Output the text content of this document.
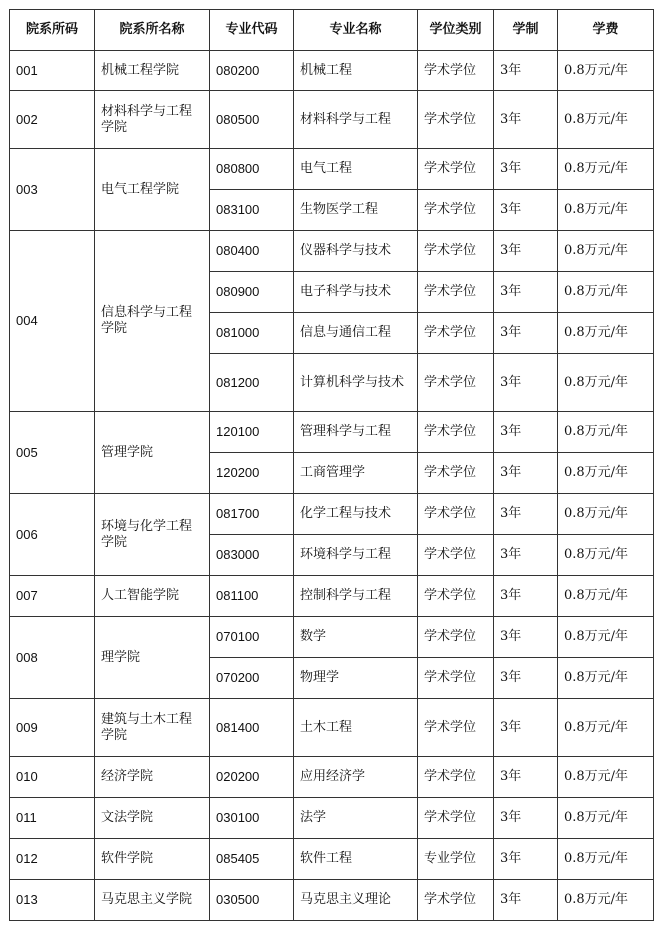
院系所码	院系所名称	专业代码	专业名称	学位类别	学制	学费
001	机械工程学院	080200	机械工程	学术学位	3年	0.8万元/年
002	材料科学与工程学院	080500	材料科学与工程	学术学位	3年	0.8万元/年
003	电气工程学院	080800	电气工程	学术学位	3年	0.8万元/年
		083100	生物医学工程	学术学位	3年	0.8万元/年
004	信息科学与工程学院	080400	仪器科学与技术	学术学位	3年	0.8万元/年
		080900	电子科学与技术	学术学位	3年	0.8万元/年
		081000	信息与通信工程	学术学位	3年	0.8万元/年
		081200	计算机科学与技术	学术学位	3年	0.8万元/年
005	管理学院	120100	管理科学与工程	学术学位	3年	0.8万元/年
		120200	工商管理学	学术学位	3年	0.8万元/年
006	环境与化学工程学院	081700	化学工程与技术	学术学位	3年	0.8万元/年
		083000	环境科学与工程	学术学位	3年	0.8万元/年
007	人工智能学院	081100	控制科学与工程	学术学位	3年	0.8万元/年
008	理学院	070100	数学	学术学位	3年	0.8万元/年
		070200	物理学	学术学位	3年	0.8万元/年
009	建筑与土木工程学院	081400	土木工程	学术学位	3年	0.8万元/年
010	经济学院	020200	应用经济学	学术学位	3年	0.8万元/年
011	文法学院	030100	法学	学术学位	3年	0.8万元/年
012	软件学院	085405	软件工程	专业学位	3年	0.8万元/年
013	马克思主义学院	030500	马克思主义理论	学术学位	3年	0.8万元/年
